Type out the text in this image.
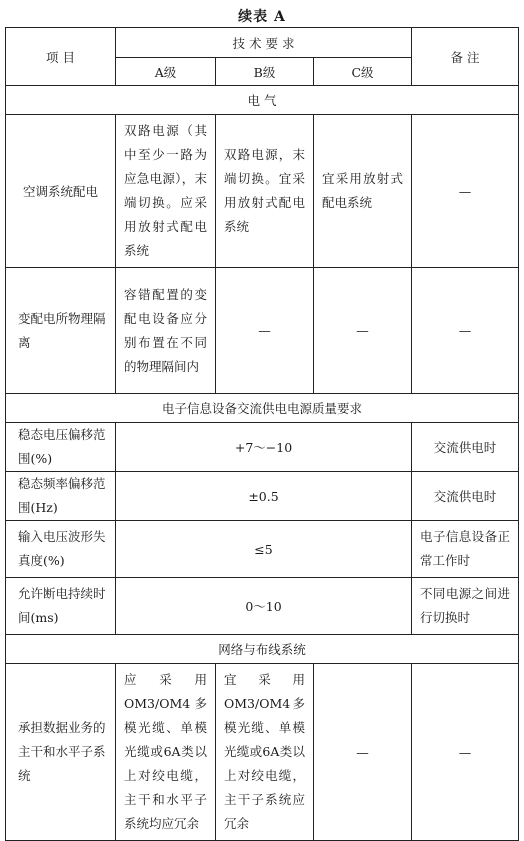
续表 A
项 目	技 术 要 求			备 注
	A级	B级	C级	
电 气				
空调系统配电	双路电源（其中至少一路为应急电源），末端切换。应采用放射式配电系统	双路电源，末端切换。宜采用放射式配电系统	宜采用放射式配电系统	—
变配电所物理隔离	容错配置的变配电设备应分别布置在不同的物理隔间内	—	—	—
电子信息设备交流供电电源质量要求				
稳态电压偏移范围(%)	+7～−10			交流供电时
稳态频率偏移范围(Hz)	±0.5			交流供电时
输入电压波形失真度(%)	≤5			电子信息设备正常工作时
允许断电持续时间(ms)	0～10			不同电源之间进行切换时
网络与布线系统				
承担数据业务的主干和水平子系统	应采用OM3/OM4多模光缆、单模光缆或6A类以上对绞电缆，主干和水平子系统均应冗余	宜采用OM3/OM4多模光缆、单模光缆或6A类以上对绞电缆，主干子系统应冗余	—	—
